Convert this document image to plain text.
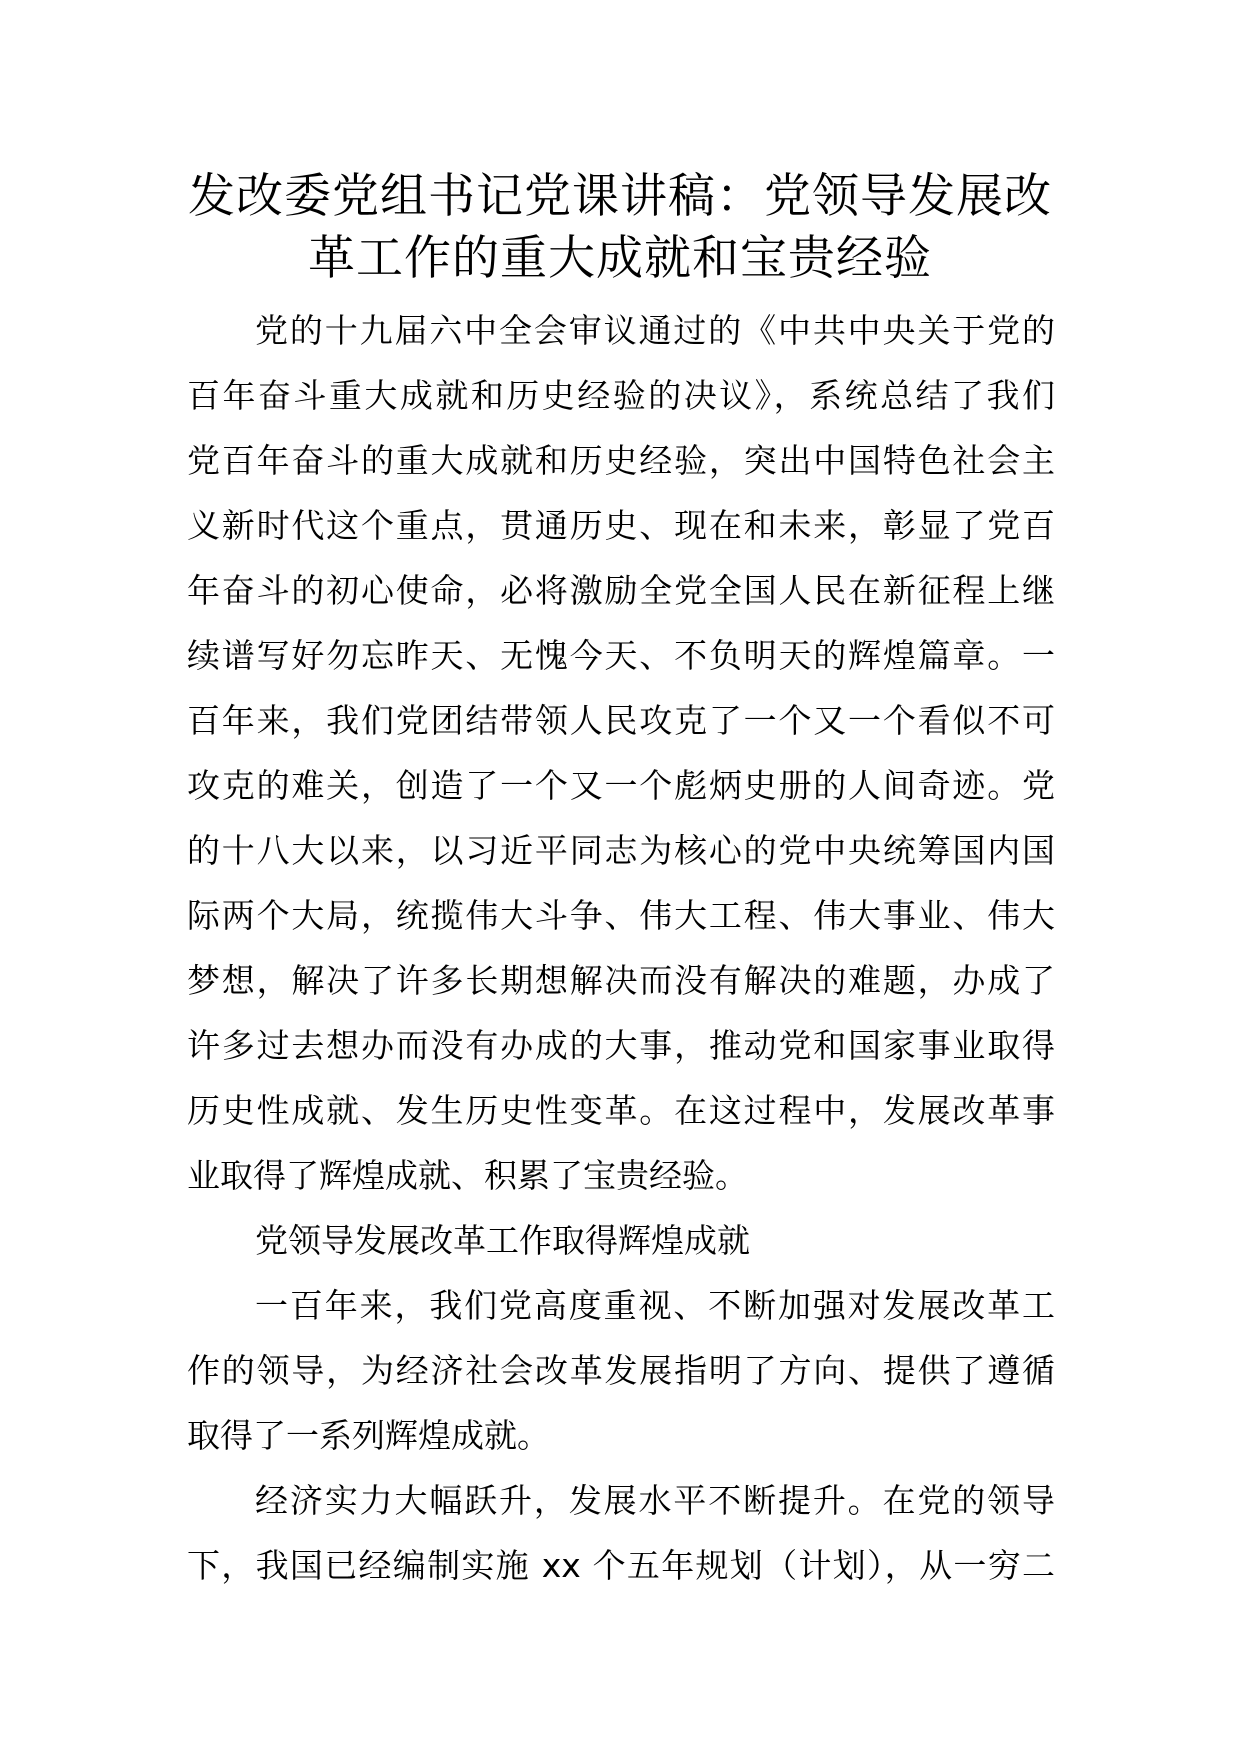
发改委党组书记党课讲稿：党领导发展改
革工作的重大成就和宝贵经验
党的十九届六中全会审议通过的《中共中央关于党的
百年奋斗重大成就和历史经验的决议》，系统总结了我们
党百年奋斗的重大成就和历史经验，突出中国特色社会主
义新时代这个重点，贯通历史、现在和未来，彰显了党百
年奋斗的初心使命，必将激励全党全国人民在新征程上继
续谱写好勿忘昨天、无愧今天、不负明天的辉煌篇章。一
百年来，我们党团结带领人民攻克了一个又一个看似不可
攻克的难关，创造了一个又一个彪炳史册的人间奇迹。党
的十八大以来，以习近平同志为核心的党中央统筹国内国
际两个大局，统揽伟大斗争、伟大工程、伟大事业、伟大
梦想，解决了许多长期想解决而没有解决的难题，办成了
许多过去想办而没有办成的大事，推动党和国家事业取得
历史性成就、发生历史性变革。在这过程中，发展改革事
业取得了辉煌成就、积累了宝贵经验。
党领导发展改革工作取得辉煌成就
一百年来，我们党高度重视、不断加强对发展改革工
作的领导，为经济社会改革发展指明了方向、提供了遵循
取得了一系列辉煌成就。
经济实力大幅跃升，发展水平不断提升。在党的领导
下，我国已经编制实施 xx 个五年规划（计划），从一穷二
